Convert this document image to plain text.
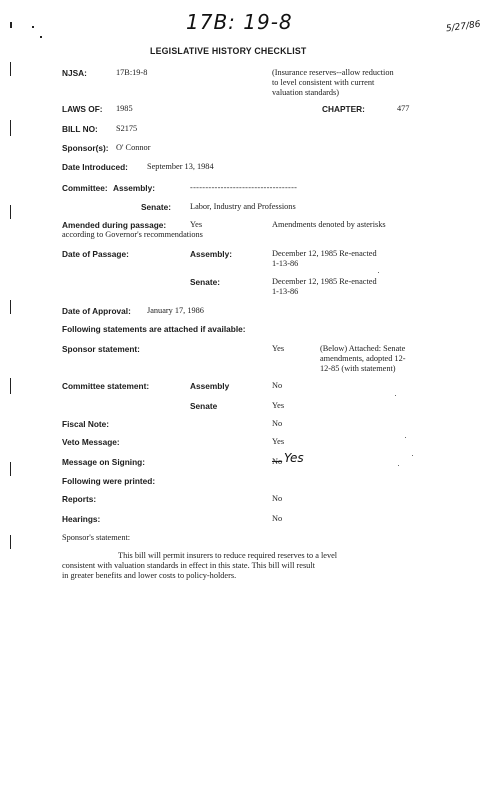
17B: 19-8	5/27/86
LEGISLATIVE HISTORY CHECKLIST
NJSA:	17B:19-8	(Insurance reserves--allow reduction
to level consistent with current
valuation standards)
LAWS OF: 1985	CHAPTER:	477
BILL NO: S2175
Sponsor(s): O' Connor
Date Introduced: September 13, 1984
Committee: Assembly:	-----------------------------------
Senate: Labor, Industry and Professions
Amended during passage:	Yes	Amendments denoted by asterisks
according to Governor's recommendations
Date of Passage:	Assembly:	December 12, 1985 Re-enacted
1-13-86
Senate:	December 12, 1985 Re-enacted
1-13-86
Date of Approval: January 17, 1986
Following statements are attached if available:
Sponsor statement:	Yes	(Below) Attached: Senate
amendments, adopted 12-
12-85 (with statement)
Committee statement:	Assembly	No
Senate	Yes
Fiscal Note:	No
Veto Message:	Yes
Message on Signing:	No Yes
Following were printed:
Reports:	No
Hearings:	No
Sponsor's statement:
This bill will permit insurers to reduce required reserves to a level
consistent with valuation standards in effect in this state. This bill will result
in greater benefits and lower costs to policy-holders.
